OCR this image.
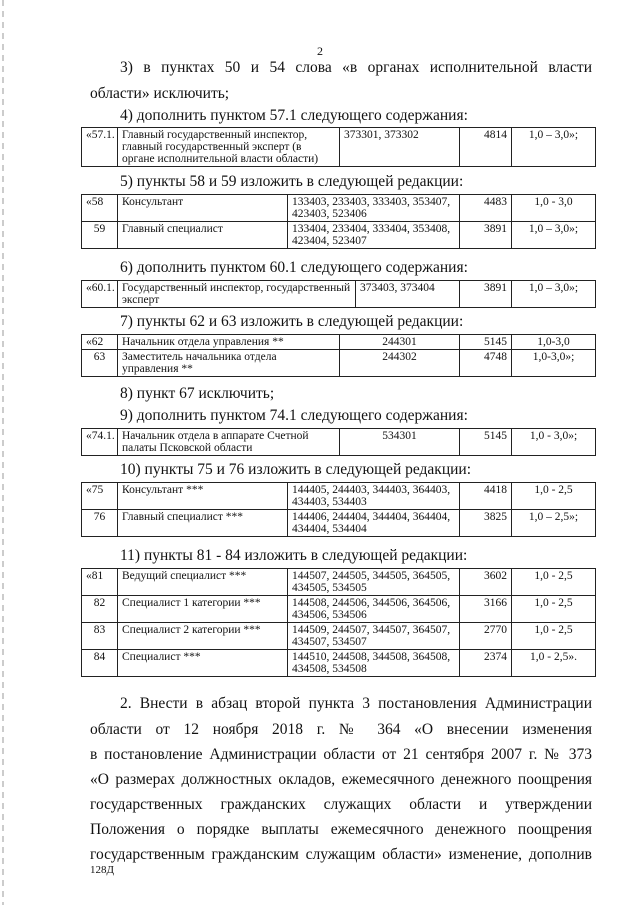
2
3) в пунктах 50 и 54 слова «в органах исполнительной власти
области» исключить;
4) дополнить пунктом 57.1 следующего содержания:
«57.1.	Главный государственный инспектор, главный государственный эксперт (в органе исполнительной власти области)	373301, 373302	4814	1,0 – 3,0»;
5) пункты 58 и 59 изложить в следующей редакции:
«58	Консультант	133403, 233403, 333403, 353407, 423403, 523406	4483	1,0 - 3,0
59	Главный специалист	133404, 233404, 333404, 353408, 423404, 523407	3891	1,0 – 3,0»;
6) дополнить пунктом 60.1 следующего содержания:
«60.1.	Государственный инспектор, государственный эксперт	373403, 373404	3891	1,0 – 3,0»;
7) пункты 62 и 63 изложить в следующей редакции:
«62	Начальник отдела управления **	244301	5145	1,0-3,0
63	Заместитель начальника отдела управления **	244302	4748	1,0-3,0»;
8) пункт 67 исключить;
9) дополнить пунктом 74.1 следующего содержания:
«74.1.	Начальник отдела в аппарате Счетной палаты Псковской области	534301	5145	1,0 - 3,0»;
10) пункты 75 и 76 изложить в следующей редакции:
«75	Консультант ***	144405, 244403, 344403, 364403, 434403, 534403	4418	1,0 - 2,5
76	Главный специалист ***	144406, 244404, 344404, 364404, 434404, 534404	3825	1,0 – 2,5»;
11) пункты 81 - 84 изложить в следующей редакции:
«81	Ведущий специалист ***	144507, 244505, 344505, 364505, 434505, 534505	3602	1,0 - 2,5
82	Специалист 1 категории ***	144508, 244506, 344506, 364506, 434506, 534506	3166	1,0 - 2,5
83	Специалист 2 категории ***	144509, 244507, 344507, 364507, 434507, 534507	2770	1,0 - 2,5
84	Специалист ***	144510, 244508, 344508, 364508, 434508, 534508	2374	1,0 - 2,5».
2. Внести в абзац второй пункта 3 постановления Администрации
области от 12 ноября 2018 г. № 364 «О внесении изменения
в постановление Администрации области от 21 сентября 2007 г. № 373
«О размерах должностных окладов, ежемесячного денежного поощрения
государственных гражданских служащих области и утверждении
Положения о порядке выплаты ежемесячного денежного поощрения
государственным гражданским служащим области» изменение, дополнив
128Д
